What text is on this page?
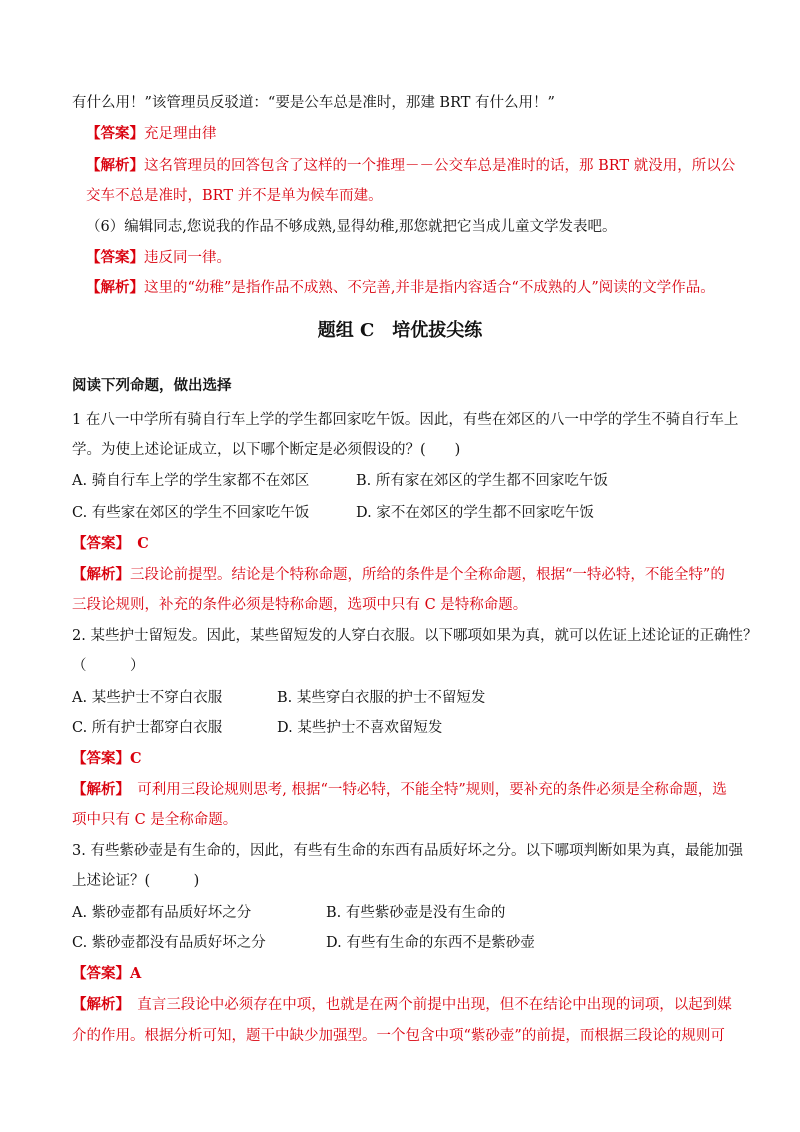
有什么用！”该管理员反驳道：“要是公车总是准时，那建 BRT 有什么用！”
【答案】充足理由律
【解析】这名管理员的回答包含了这样的一个推理－－公交车总是准时的话，那 BRT 就没用，所以公
交车不总是准时，BRT 并不是单为候车而建。
（6）编辑同志,您说我的作品不够成熟,显得幼稚,那您就把它当成儿童文学发表吧。
【答案】违反同一律。
【解析】这里的“幼稚”是指作品不成熟、不完善,并非是指内容适合“不成熟的人”阅读的文学作品。
题组 C　培优拔尖练
阅读下列命题，做出选择
1 在八一中学所有骑自行车上学的学生都回家吃午饭。因此，有些在郊区的八一中学的学生不骑自行车上
学。为使上述论证成立，以下哪个断定是必须假设的？(　　)
A. 骑自行车上学的学生家都不在郊区	B. 所有家在郊区的学生都不回家吃午饭
C. 有些家在郊区的学生不回家吃午饭	D. 家不在郊区的学生都不回家吃午饭
【答案】　C
【解析】三段论前提型。结论是个特称命题，所给的条件是个全称命题，根据“一特必特，不能全特”的
三段论规则，补充的条件必须是特称命题，选项中只有 C 是特称命题。
2. 某些护士留短发。因此，某些留短发的人穿白衣服。以下哪项如果为真，就可以佐证上述论证的正确性？
（　　　）
A. 某些护士不穿白衣服	B. 某些穿白衣服的护士不留短发
C. 所有护士都穿白衣服	D. 某些护士不喜欢留短发
【答案】C
【解析】　可利用三段论规则思考, 根据“一特必特，不能全特”规则，要补充的条件必须是全称命题，选
项中只有 C 是全称命题。
3. 有些紫砂壶是有生命的，因此，有些有生命的东西有品质好坏之分。以下哪项判断如果为真，最能加强
上述论证？(　　　)
A. 紫砂壶都有品质好坏之分	B. 有些紫砂壶是没有生命的
C. 紫砂壶都没有品质好坏之分	D. 有些有生命的东西不是紫砂壶
【答案】A
【解析】　直言三段论中必须存在中项，也就是在两个前提中出现，但不在结论中出现的词项，以起到媒
介的作用。根据分析可知，题干中缺少加强型。一个包含中项“紫砂壶”的前提，而根据三段论的规则可
